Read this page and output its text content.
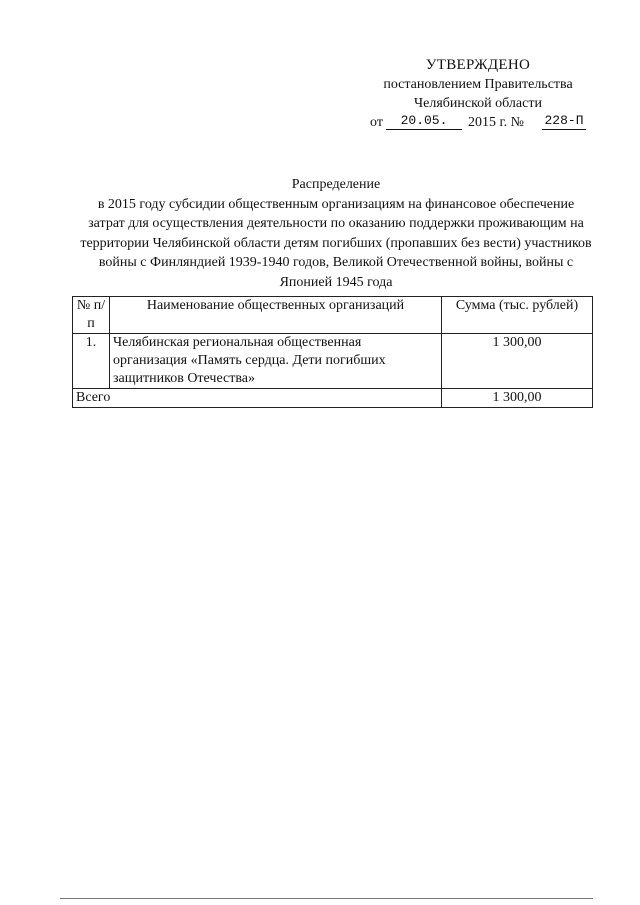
УТВЕРЖДЕНО
постановлением Правительства
Челябинской области
от	20.05.	2015 г. № 228-П
Распределение
в 2015 году субсидии общественным организациям на финансовое обеспечение затрат для осуществления деятельности по оказанию поддержки проживающим на территории Челябинской области детям погибших (пропавших без вести) участников войны с Финляндией 1939-1940 годов, Великой Отечественной войны, войны с Японией 1945 года
№ п/п	Наименование общественных организаций	Сумма (тыс. рублей)
1.	Челябинская региональная общественная организация «Память сердца. Дети погибших защитников Отечества»	1 300,00
Всего		1 300,00
